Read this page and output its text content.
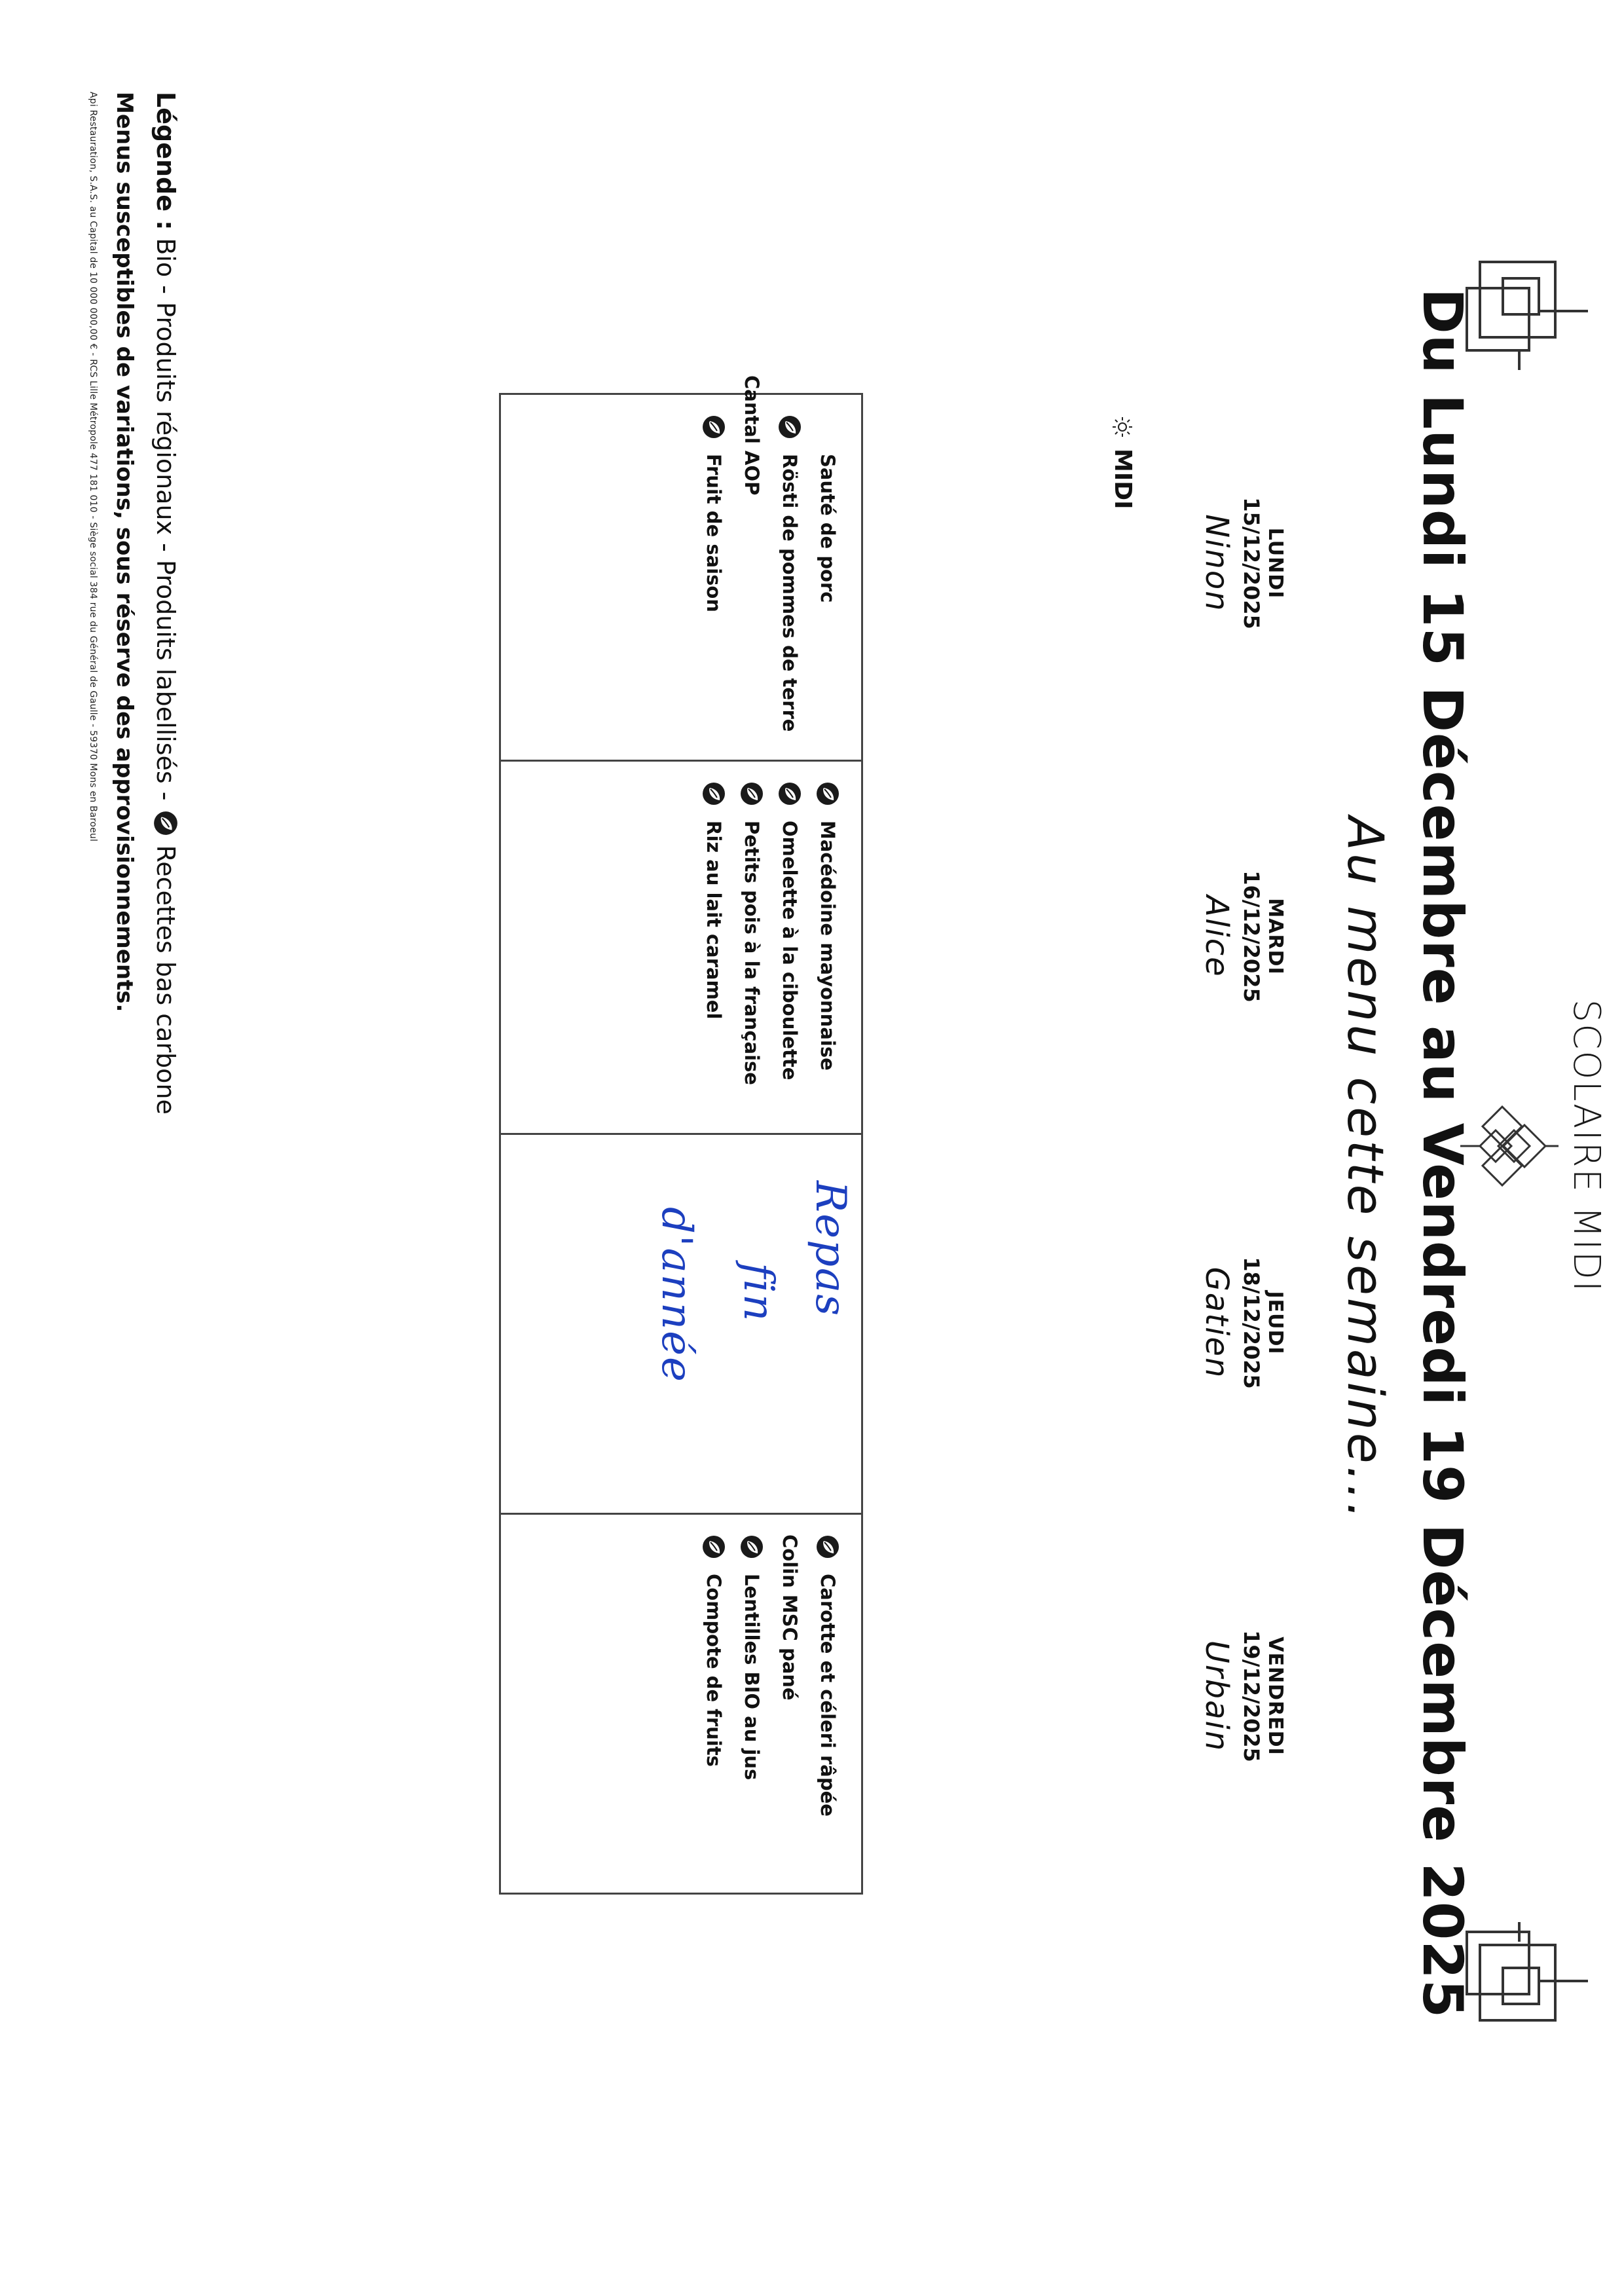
SCOLAIRE MIDI
Du Lundi 15 Décembre au Vendredi 19 Décembre 2025
Au menu cette semaine...
LUNDI
15/12/2025
Ninon
MARDI
16/12/2025
Alice
JEUDI
18/12/2025
Gatien
VENDREDI
19/12/2025
Urbain
MIDI
Sauté de porc
Rösti de pommes de terre
Cantal AOP
Fruit de saison
Macédoine mayonnaise
Omelette à la ciboulette
Petits pois à la française
Riz au lait caramel
Repas
fin
d'année
Carotte et céleri râpée
Colin MSC pané
Lentilles BIO au jus
Compote de fruits
Légende :
Bio - Produits régionaux - Produits labellisés -
Recettes bas carbone
Menus susceptibles de variations, sous réserve des approvisionnements.
Api Restauration, S.A.S. au Capital de 10 000 000,00 € - RCS Lille Métropole 477 181 010 - Siège social 384 rue du Général de Gaulle - 59370 Mons en Baroeul
